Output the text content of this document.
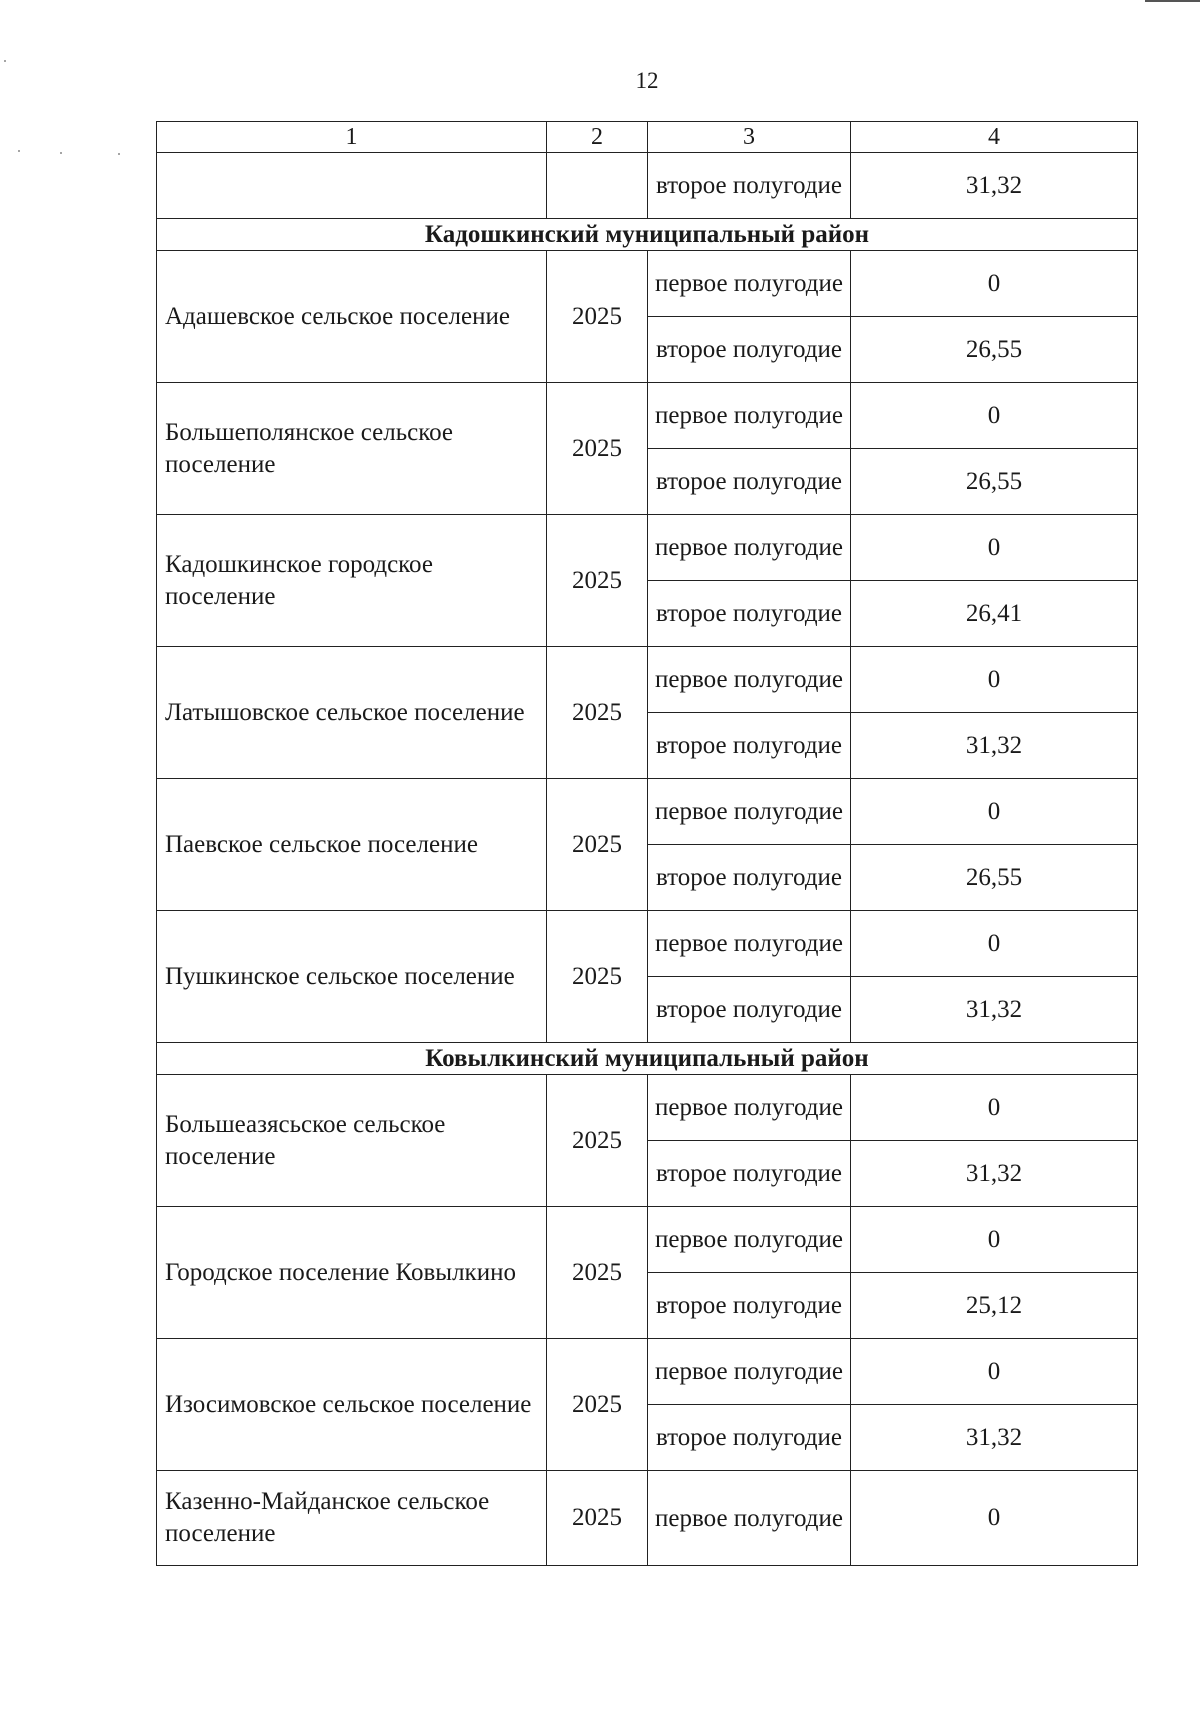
12
1	2	3	4
		второе полугодие	31,32
Кадошкинский муниципальный район			
Адашевское сельское поселение	2025	первое полугодие	0
		второе полугодие	26,55
Большеполянское сельское поселение	2025	первое полугодие	0
		второе полугодие	26,55
Кадошкинское городское поселение	2025	первое полугодие	0
		второе полугодие	26,41
Латышовское сельское поселение	2025	первое полугодие	0
		второе полугодие	31,32
Паевское сельское поселение	2025	первое полугодие	0
		второе полугодие	26,55
Пушкинское сельское поселение	2025	первое полугодие	0
		второе полугодие	31,32
Ковылкинский муниципальный район			
Большеазясьское сельское поселение	2025	первое полугодие	0
		второе полугодие	31,32
Городское поселение Ковылкино	2025	первое полугодие	0
		второе полугодие	25,12
Изосимовское сельское поселение	2025	первое полугодие	0
		второе полугодие	31,32
Казенно-Майданское сельское поселение	2025	первое полугодие	0
